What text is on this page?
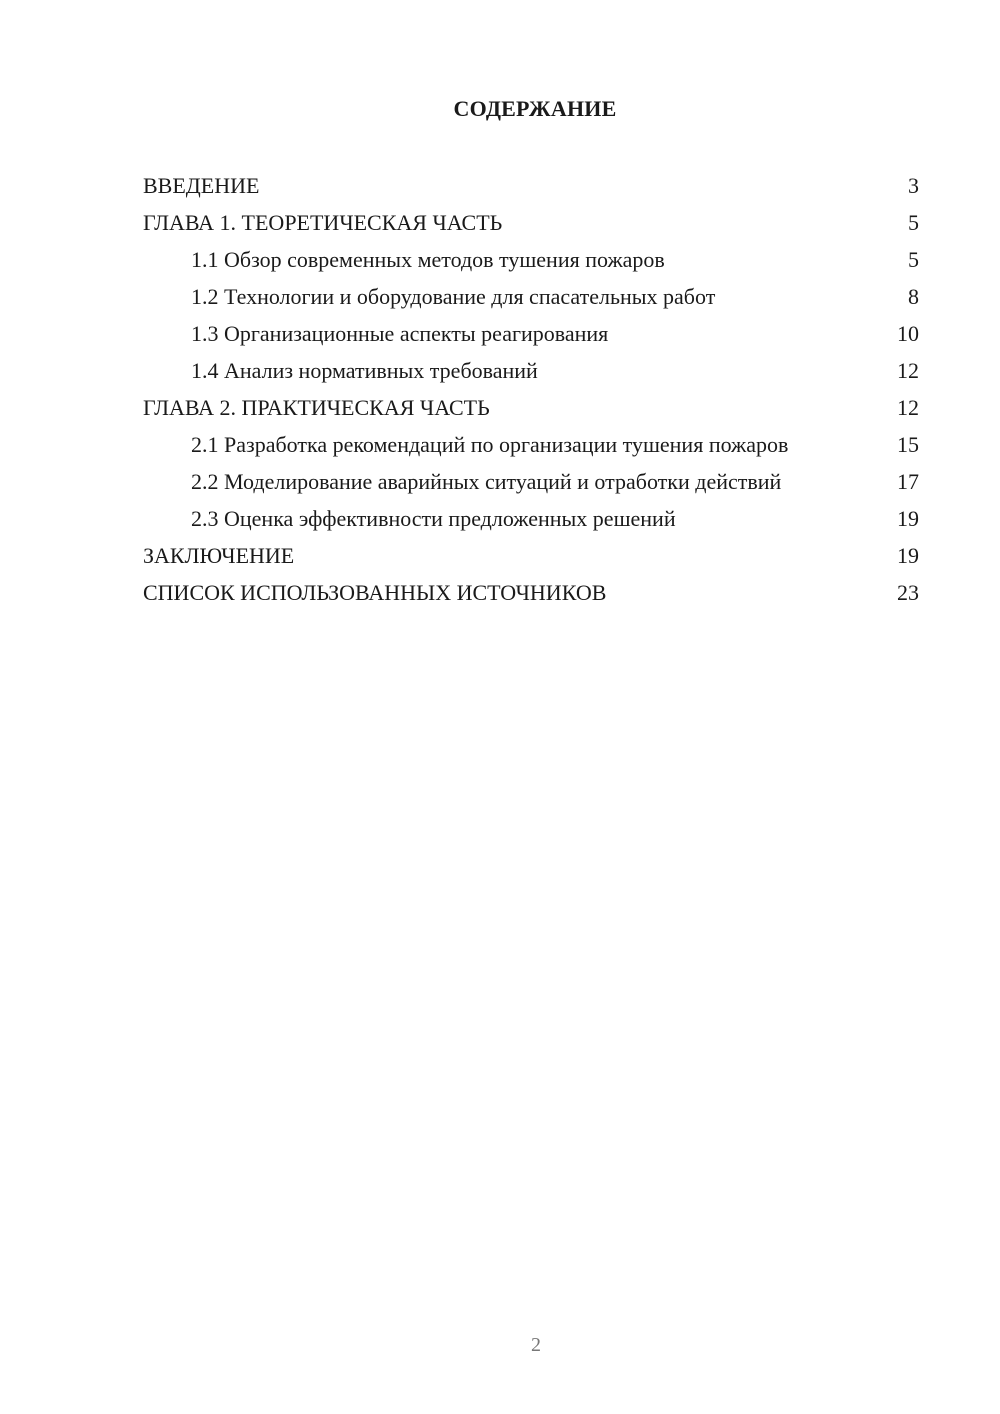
СОДЕРЖАНИЕ
ВВЕДЕНИЕ	3
ГЛАВА 1. ТЕОРЕТИЧЕСКАЯ ЧАСТЬ	5
1.1 Обзор современных методов тушения пожаров	5
1.2 Технологии и оборудование для спасательных работ	8
1.3 Организационные аспекты реагирования	10
1.4 Анализ нормативных требований	12
ГЛАВА 2. ПРАКТИЧЕСКАЯ ЧАСТЬ	12
2.1 Разработка рекомендаций по организации тушения пожаров	15
2.2 Моделирование аварийных ситуаций и отработки действий	17
2.3 Оценка эффективности предложенных решений	19
ЗАКЛЮЧЕНИЕ	19
СПИСОК ИСПОЛЬЗОВАННЫХ ИСТОЧНИКОВ	23
2
